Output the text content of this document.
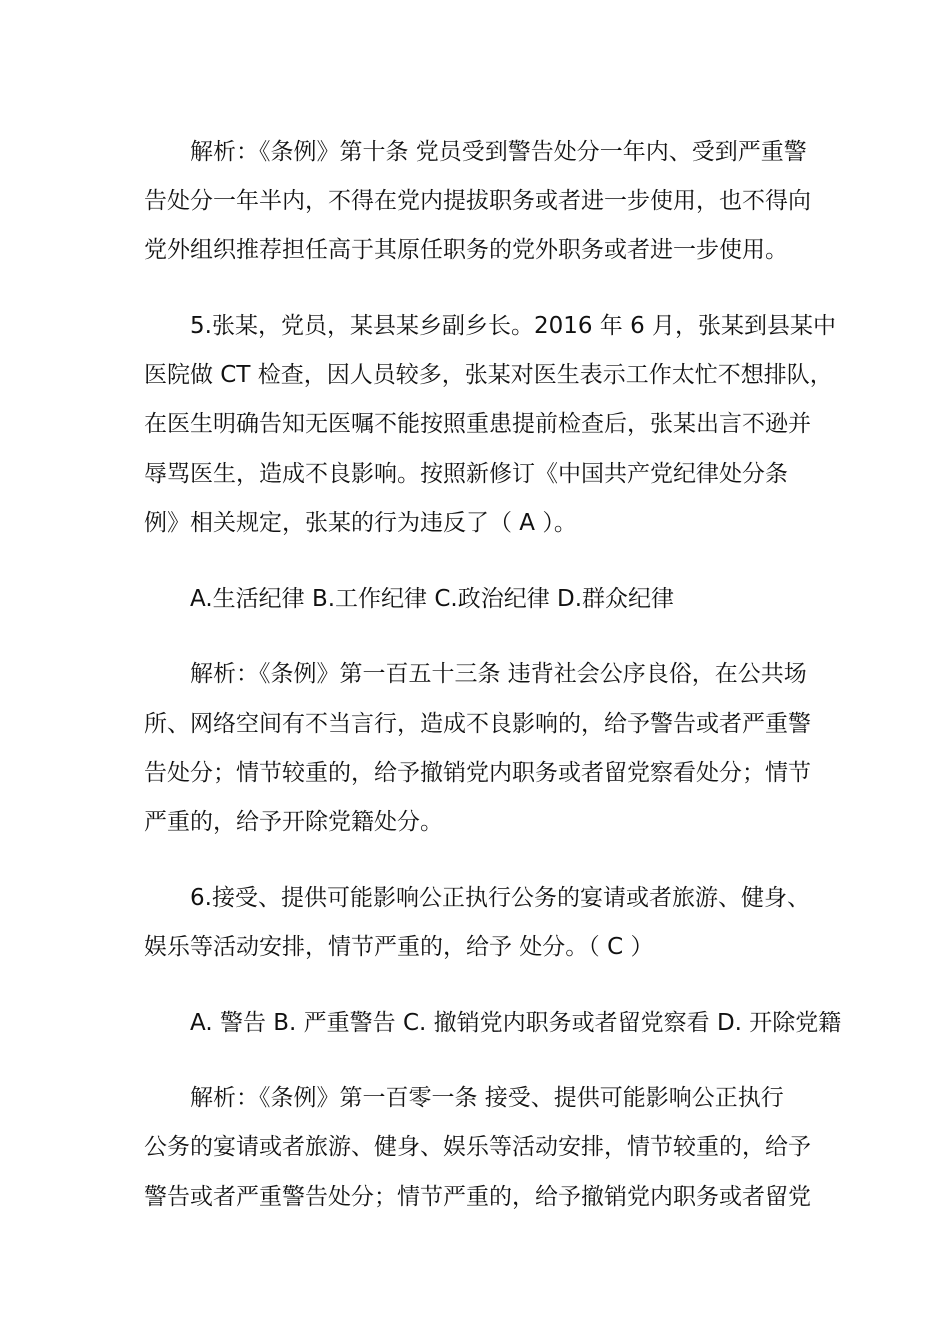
解析：《条例》第十条 党员受到警告处分一年内、受到严重警
告处分一年半内，不得在党内提拔职务或者进一步使用，也不得向
党外组织推荐担任高于其原任职务的党外职务或者进一步使用。
5.张某，党员，某县某乡副乡长。2016 年 6 月，张某到县某中
医院做 CT 检查，因人员较多，张某对医生表示工作太忙不想排队，
在医生明确告知无医嘱不能按照重患提前检查后，张某出言不逊并
辱骂医生，造成不良影响。按照新修订《中国共产党纪律处分条
例》相关规定，张某的行为违反了（ A ）。
A.生活纪律 B.工作纪律 C.政治纪律 D.群众纪律
解析：《条例》第一百五十三条 违背社会公序良俗，在公共场
所、网络空间有不当言行，造成不良影响的，给予警告或者严重警
告处分；情节较重的，给予撤销党内职务或者留党察看处分；情节
严重的，给予开除党籍处分。
6.接受、提供可能影响公正执行公务的宴请或者旅游、健身、
娱乐等活动安排，情节严重的，给予 处分。（ C ）
A. 警告 B. 严重警告 C. 撤销党内职务或者留党察看 D. 开除党籍
解析：《条例》第一百零一条 接受、提供可能影响公正执行
公务的宴请或者旅游、健身、娱乐等活动安排，情节较重的，给予
警告或者严重警告处分；情节严重的，给予撤销党内职务或者留党
